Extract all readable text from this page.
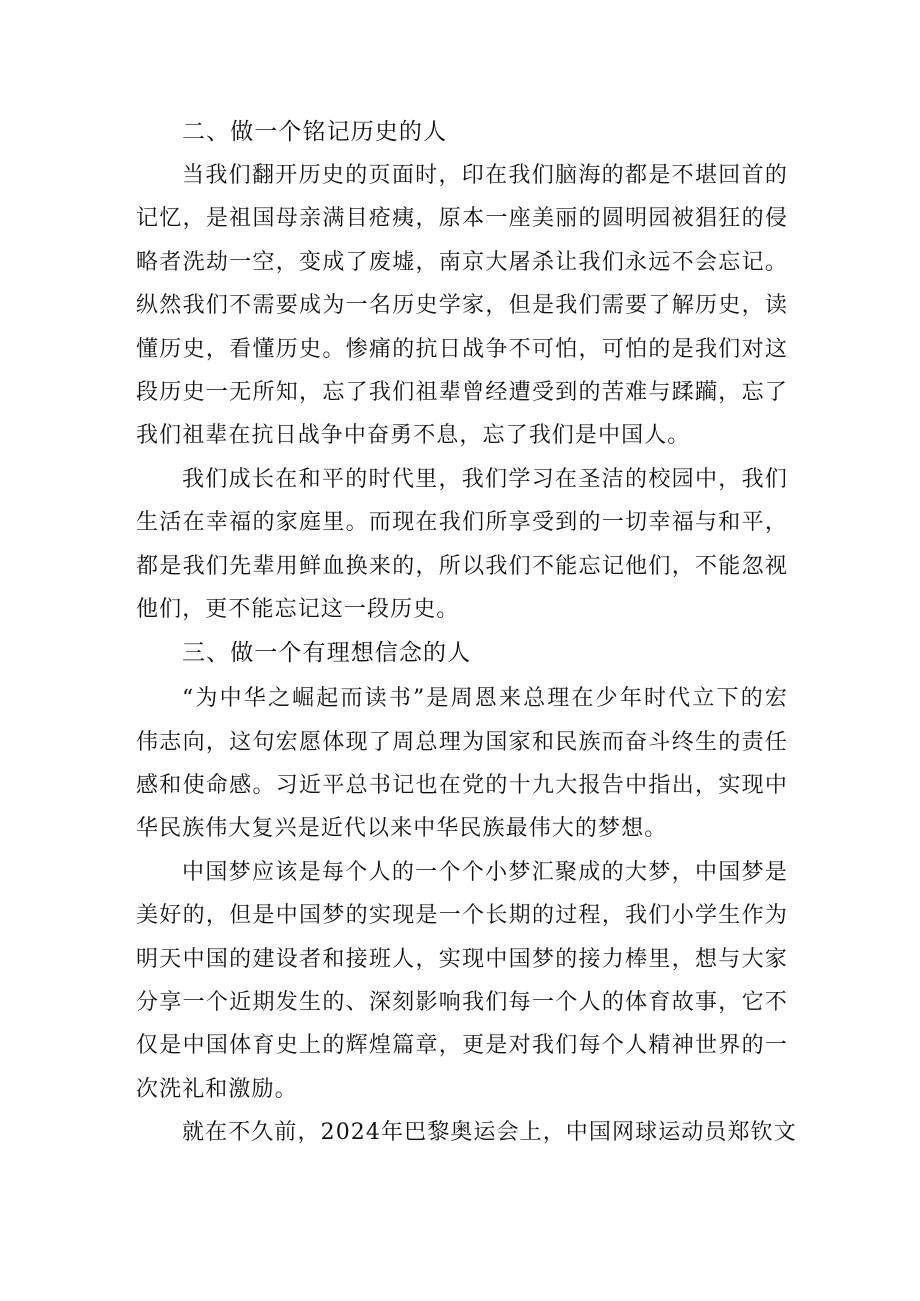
二、做一个铭记历史的人
当我们翻开历史的页面时，印在我们脑海的都是不堪回首的
记忆，是祖国母亲满目疮痍，原本一座美丽的圆明园被猖狂的侵
略者洗劫一空，变成了废墟，南京大屠杀让我们永远不会忘记。
纵然我们不需要成为一名历史学家，但是我们需要了解历史，读
懂历史，看懂历史。惨痛的抗日战争不可怕，可怕的是我们对这
段历史一无所知，忘了我们祖辈曾经遭受到的苦难与蹂躏，忘了
我们祖辈在抗日战争中奋勇不息，忘了我们是中国人。
我们成长在和平的时代里，我们学习在圣洁的校园中，我们
生活在幸福的家庭里。而现在我们所享受到的一切幸福与和平，
都是我们先辈用鲜血换来的，所以我们不能忘记他们，不能忽视
他们，更不能忘记这一段历史。
三、做一个有理想信念的人
“为中华之崛起而读书”是周恩来总理在少年时代立下的宏
伟志向，这句宏愿体现了周总理为国家和民族而奋斗终生的责任
感和使命感。习近平总书记也在党的十九大报告中指出，实现中
华民族伟大复兴是近代以来中华民族最伟大的梦想。
中国梦应该是每个人的一个个小梦汇聚成的大梦，中国梦是
美好的，但是中国梦的实现是一个长期的过程，我们小学生作为
明天中国的建设者和接班人，实现中国梦的接力棒里，想与大家
分享一个近期发生的、深刻影响我们每一个人的体育故事，它不
仅是中国体育史上的辉煌篇章，更是对我们每个人精神世界的一
次洗礼和激励。
就在不久前，2024年巴黎奥运会上，中国网球运动员郑钦文
